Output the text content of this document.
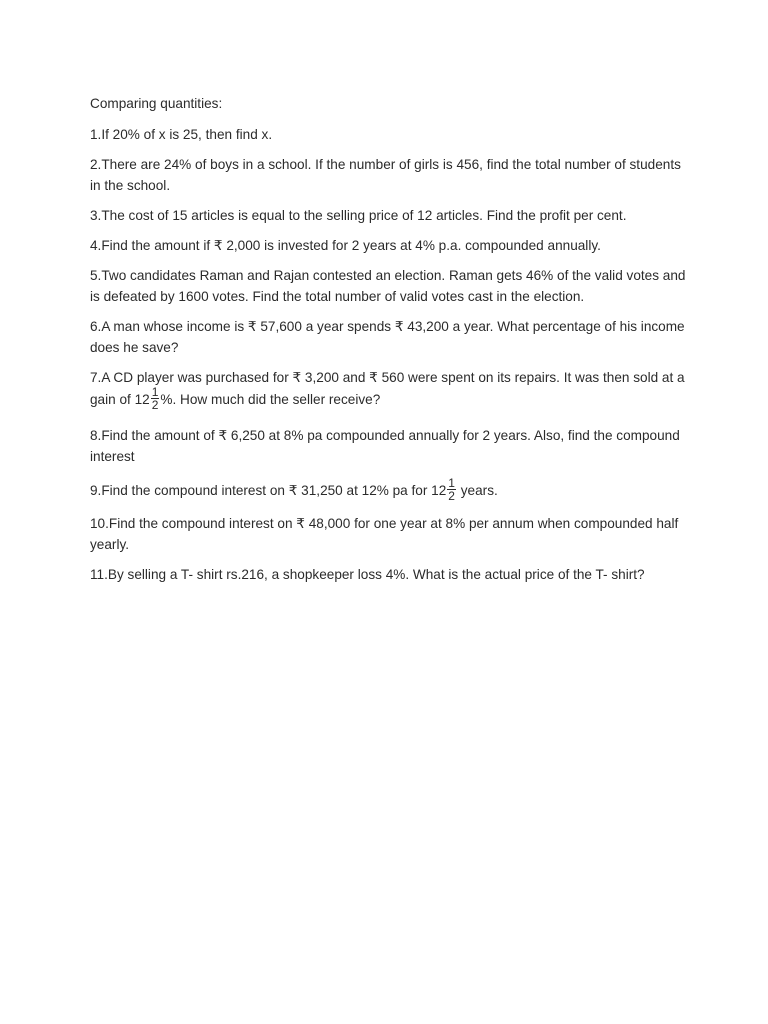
Comparing quantities:

1.If 20% of x is 25, then find x.

2.There are 24% of boys in a school. If the number of girls is 456, find the total number of students in the school.

3.The cost of 15 articles is equal to the selling price of 12 articles. Find the profit per cent.

4.Find the amount if ₹ 2,000 is invested for 2 years at 4% p.a. compounded annually.

5.Two candidates Raman and Rajan contested an election. Raman gets 46% of the valid votes and is defeated by 1600 votes. Find the total number of valid votes cast in the election.

6.A man whose income is ₹ 57,600 a year spends ₹ 43,200 a year. What percentage of his income does he save?

7.A CD player was purchased for ₹ 3,200 and ₹ 560 were spent on its repairs. It was then sold at a gain of $12 \frac{1}{2}$ %. How much did the seller receive?

8.Find the amount of ₹ 6,250 at 8% pa compounded annually for 2 years. Also, find the compound interest

9.Find the compound interest on ₹ 31,250 at 12% pa for $12 \frac{1}{2}$ years.

10.Find the compound interest on ₹ 48,000 for one year at 8% per annum when compounded half yearly.

11.By selling a T- shirt rs.216, a shopkeeper loss 4%. What is the actual price of the T- shirt?
